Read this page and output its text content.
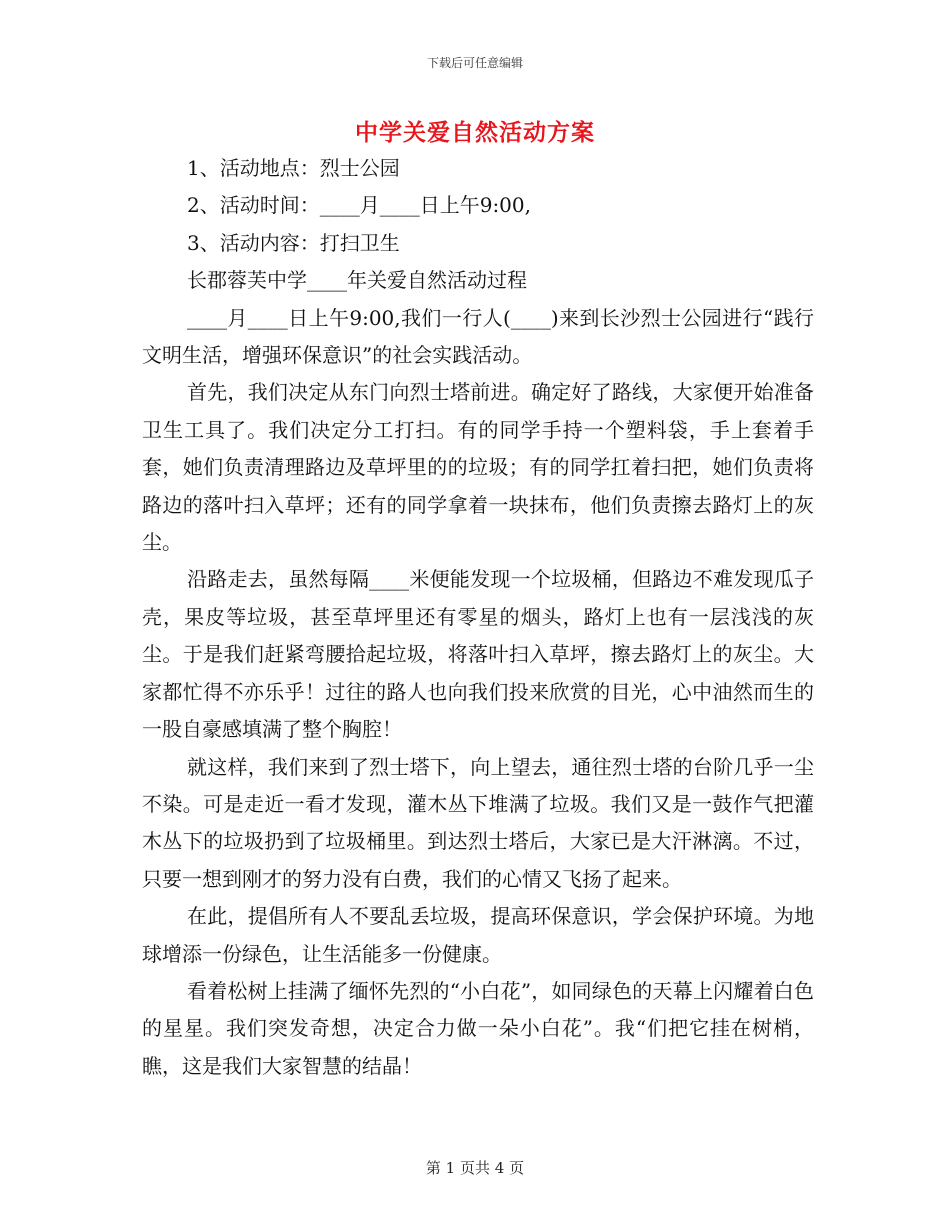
下载后可任意编辑
中学关爱自然活动方案

1、活动地点：烈士公园

2、活动时间：____月____日上午9:00,

3、活动内容：打扫卫生

长郡蓉芙中学____年关爱自然活动过程

____月____日上午9:00,我们一行人(____)来到长沙烈士公园进行“践行文明生活，增强环保意识”的社会实践活动。

首先，我们决定从东门向烈士塔前进。确定好了路线，大家便开始准备卫生工具了。我们决定分工打扫。有的同学手持一个塑料袋，手上套着手套，她们负责清理路边及草坪里的的垃圾；有的同学扛着扫把，她们负责将路边的落叶扫入草坪；还有的同学拿着一块抹布，他们负责擦去路灯上的灰尘。

沿路走去，虽然每隔____米便能发现一个垃圾桶，但路边不难发现瓜子壳，果皮等垃圾，甚至草坪里还有零星的烟头，路灯上也有一层浅浅的灰尘。于是我们赶紧弯腰拾起垃圾，将落叶扫入草坪，擦去路灯上的灰尘。大家都忙得不亦乐乎！过往的路人也向我们投来欣赏的目光，心中油然而生的一股自豪感填满了整个胸腔！

就这样，我们来到了烈士塔下，向上望去，通往烈士塔的台阶几乎一尘不染。可是走近一看才发现，灌木丛下堆满了垃圾。我们又是一鼓作气把灌木丛下的垃圾扔到了垃圾桶里。到达烈士塔后，大家已是大汗淋漓。不过，只要一想到刚才的努力没有白费，我们的心情又飞扬了起来。

在此，提倡所有人不要乱丢垃圾，提高环保意识，学会保护环境。为地球增添一份绿色，让生活能多一份健康。

看着松树上挂满了缅怀先烈的“小白花”，如同绿色的天幕上闪耀着白色的星星。我们突发奇想，决定合力做一朵小白花”。我“们把它挂在树梢，瞧，这是我们大家智慧的结晶！

第 1 页共 4 页
